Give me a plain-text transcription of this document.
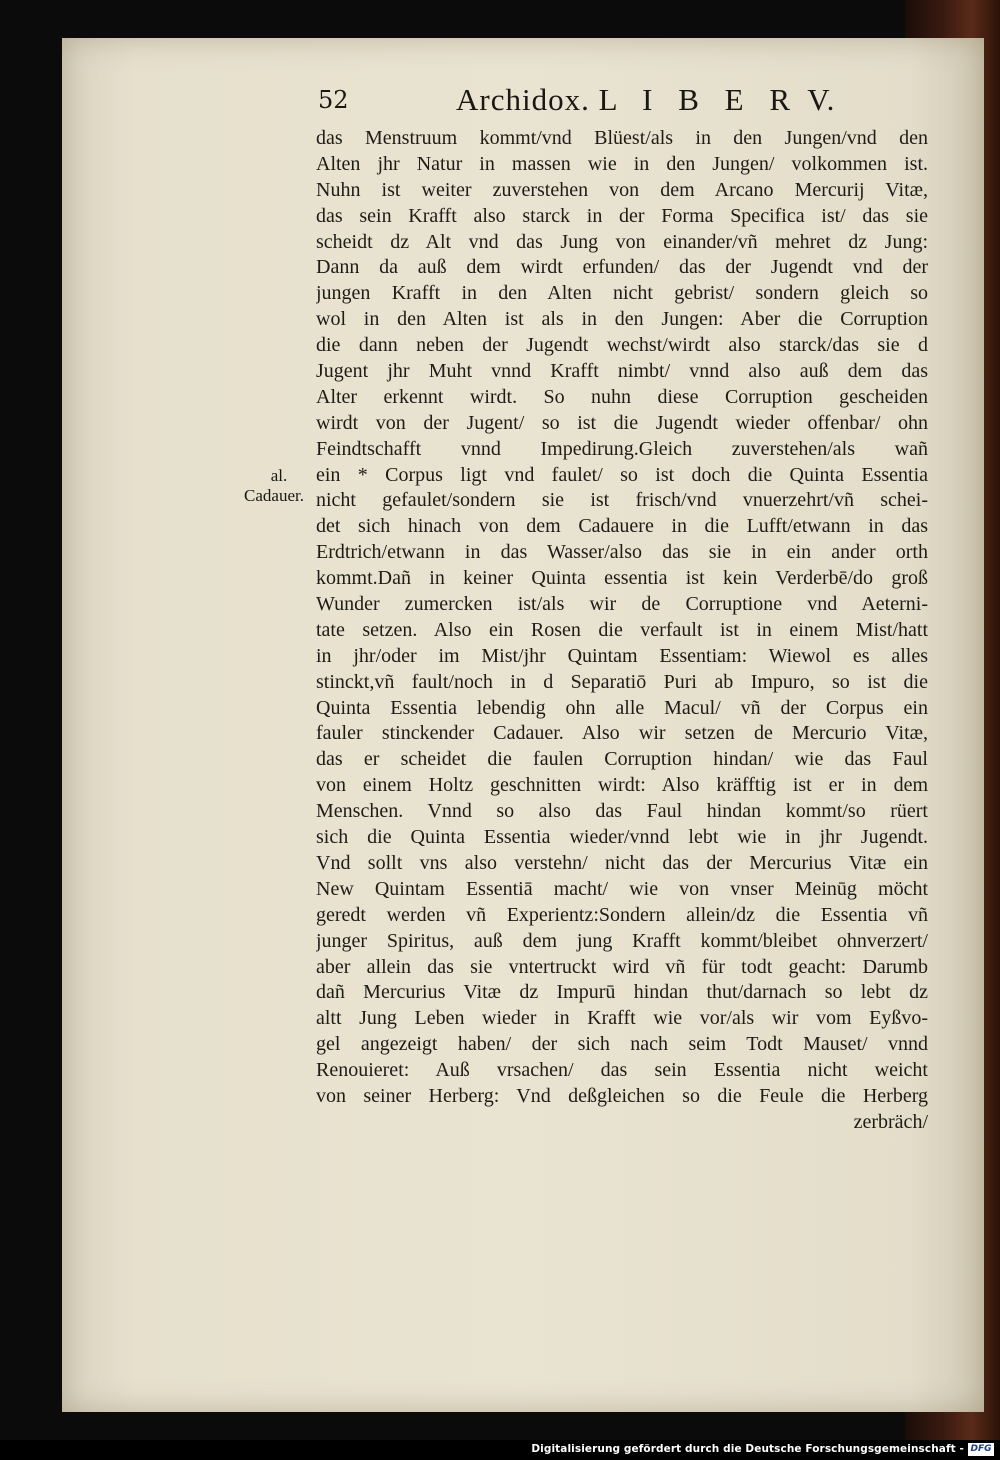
52	Archidox. L I B E R V.
al.
Cadauer.
das Menstruum kommt/vnd Blüest/als in den Jungen/vnd den
Alten jhr Natur in massen wie in den Jungen/ volkommen ist.
Nuhn ist weiter zuverstehen von dem Arcano Mercurij Vitæ,
das sein Krafft also starck in der Forma Specifica ist/ das sie
scheidt dz Alt vnd das Jung von einander/vñ mehret dz Jung:
Dann da auß dem wirdt erfunden/ das der Jugendt vnd der
jungen Krafft in den Alten nicht gebrist/ sondern gleich so
wol in den Alten ist als in den Jungen: Aber die Corruption
die dann neben der Jugendt wechst/wirdt also starck/das sie d
Jugent jhr Muht vnnd Krafft nimbt/ vnnd also auß dem das
Alter erkennt wirdt. So nuhn diese Corruption gescheiden
wirdt von der Jugent/ so ist die Jugendt wieder offenbar/ ohn
Feindtschafft vnnd Impedirung.Gleich zuverstehen/als wañ
ein * Corpus ligt vnd faulet/ so ist doch die Quinta Essentia
nicht gefaulet/sondern sie ist frisch/vnd vnuerzehrt/vñ schei-
det sich hinach von dem Cadauere in die Lufft/etwann in das
Erdtrich/etwann in das Wasser/also das sie in ein ander orth
kommt.Dañ in keiner Quinta essentia ist kein Verderbē/do groß
Wunder zumercken ist/als wir de Corruptione vnd Aeterni-
tate setzen. Also ein Rosen die verfault ist in einem Mist/hatt
in jhr/oder im Mist/jhr Quintam Essentiam: Wiewol es alles
stinckt,vñ fault/noch in d Separatiō Puri ab Impuro, so ist die
Quinta Essentia lebendig ohn alle Macul/ vñ der Corpus ein
fauler stinckender Cadauer. Also wir setzen de Mercurio Vitæ,
das er scheidet die faulen Corruption hindan/ wie das Faul
von einem Holtz geschnitten wirdt: Also kräfftig ist er in dem
Menschen. Vnnd so also das Faul hindan kommt/so rüert
sich die Quinta Essentia wieder/vnnd lebt wie in jhr Jugendt.
Vnd sollt vns also verstehn/ nicht das der Mercurius Vitæ ein
New Quintam Essentiā macht/ wie von vnser Meinūg möcht
geredt werden vñ Experientz:Sondern allein/dz die Essentia vñ
junger Spiritus, auß dem jung Krafft kommt/bleibet ohnverzert/
aber allein das sie vntertruckt wird vñ für todt geacht: Darumb
dañ Mercurius Vitæ dz Impurū hindan thut/darnach so lebt dz
altt Jung Leben wieder in Krafft wie vor/als wir vom Eyßvo-
gel angezeigt haben/ der sich nach seim Todt Mauset/ vnnd
Renouieret: Auß vrsachen/ das sein Essentia nicht weicht
von seiner Herberg: Vnd deßgleichen so die Feule die Herberg
zerbräch/
Digitalisierung gefördert durch die Deutsche Forschungsgemeinschaft - DFG
